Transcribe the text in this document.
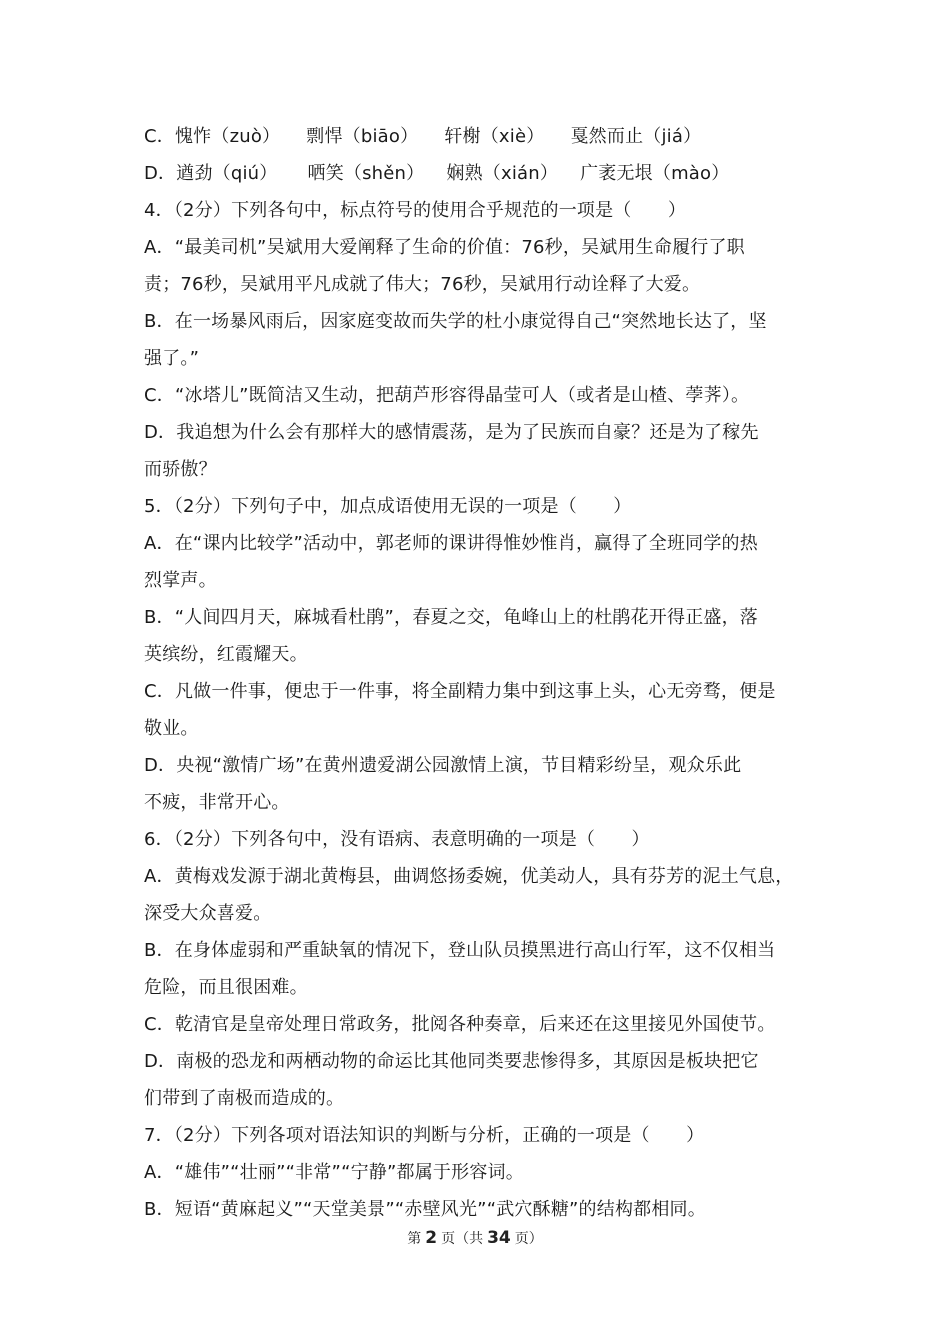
C．愧怍（zuò） 剽悍（biāo） 轩榭（xiè） 戛然而止（jiá）
D．遒劲（qiú） 哂笑（shěn） 娴熟（xián） 广袤无垠（mào）
4．（2分）下列各句中，标点符号的使用合乎规范的一项是（　　）
A．“最美司机”吴斌用大爱阐释了生命的价值：76秒，吴斌用生命履行了职
责；76秒，吴斌用平凡成就了伟大；76秒，吴斌用行动诠释了大爱。
B．在一场暴风雨后，因家庭变故而失学的杜小康觉得自己“突然地长达了，坚
强了。”
C．“冰塔儿”既简洁又生动，把葫芦形容得晶莹可人（或者是山楂、荸荠）。
D．我追想为什么会有那样大的感情震荡，是为了民族而自豪？还是为了稼先
而骄傲？
5．（2分）下列句子中，加点成语使用无误的一项是（　　）
A．在“课内比较学”活动中，郭老师的课讲得惟妙惟肖，赢得了全班同学的热
烈掌声。
B．“人间四月天，麻城看杜鹃”，春夏之交，龟峰山上的杜鹃花开得正盛，落
英缤纷，红霞耀天。
C．凡做一件事，便忠于一件事，将全副精力集中到这事上头，心无旁骛，便是
敬业。
D．央视“激情广场”在黄州遗爱湖公园激情上演，节目精彩纷呈，观众乐此
不疲，非常开心。
6．（2分）下列各句中，没有语病、表意明确的一项是（　　）
A．黄梅戏发源于湖北黄梅县，曲调悠扬委婉，优美动人，具有芬芳的泥土气息，
深受大众喜爱。
B．在身体虚弱和严重缺氧的情况下，登山队员摸黑进行高山行军，这不仅相当
危险，而且很困难。
C．乾清官是皇帝处理日常政务，批阅各种奏章，后来还在这里接见外国使节。
D．南极的恐龙和两栖动物的命运比其他同类要悲惨得多，其原因是板块把它
们带到了南极而造成的。
7．（2分）下列各项对语法知识的判断与分析，正确的一项是（　　）
A．“雄伟”“壮丽”“非常”“宁静”都属于形容词。
B．短语“黄麻起义”“天堂美景”“赤壁风光”“武穴酥糖”的结构都相同。
第 2 页（共 34 页）
